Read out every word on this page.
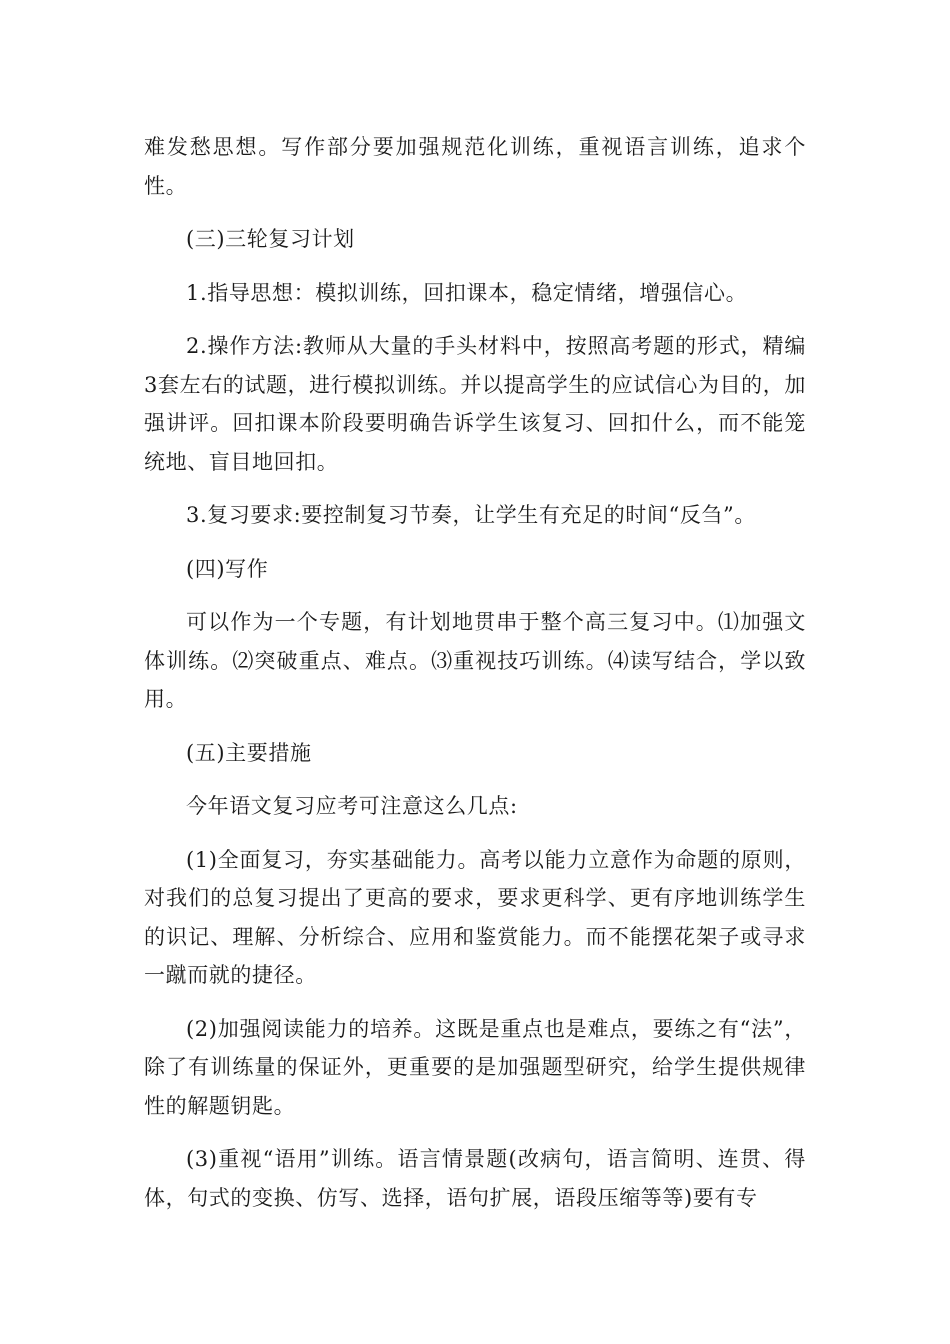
难发愁思想。写作部分要加强规范化训练，重视语言训练，追求个性。

(三)三轮复习计划

1.指导思想：模拟训练，回扣课本，稳定情绪，增强信心。

2.操作方法:教师从大量的手头材料中，按照高考题的形式，精编3套左右的试题，进行模拟训练。并以提高学生的应试信心为目的，加强讲评。回扣课本阶段要明确告诉学生该复习、回扣什么，而不能笼统地、盲目地回扣。

3.复习要求:要控制复习节奏，让学生有充足的时间“反刍”。

(四)写作

可以作为一个专题，有计划地贯串于整个高三复习中。⑴加强文体训练。⑵突破重点、难点。⑶重视技巧训练。⑷读写结合，学以致用。

(五)主要措施

今年语文复习应考可注意这么几点:

(1)全面复习，夯实基础能力。高考以能力立意作为命题的原则，对我们的总复习提出了更高的要求，要求更科学、更有序地训练学生的识记、理解、分析综合、应用和鉴赏能力。而不能摆花架子或寻求一蹴而就的捷径。

(2)加强阅读能力的培养。这既是重点也是难点，要练之有“法”，除了有训练量的保证外，更重要的是加强题型研究，给学生提供规律性的解题钥匙。

(3)重视“语用”训练。语言情景题(改病句，语言简明、连贯、得体，句式的变换、仿写、选择，语句扩展，语段压缩等等)要有专
